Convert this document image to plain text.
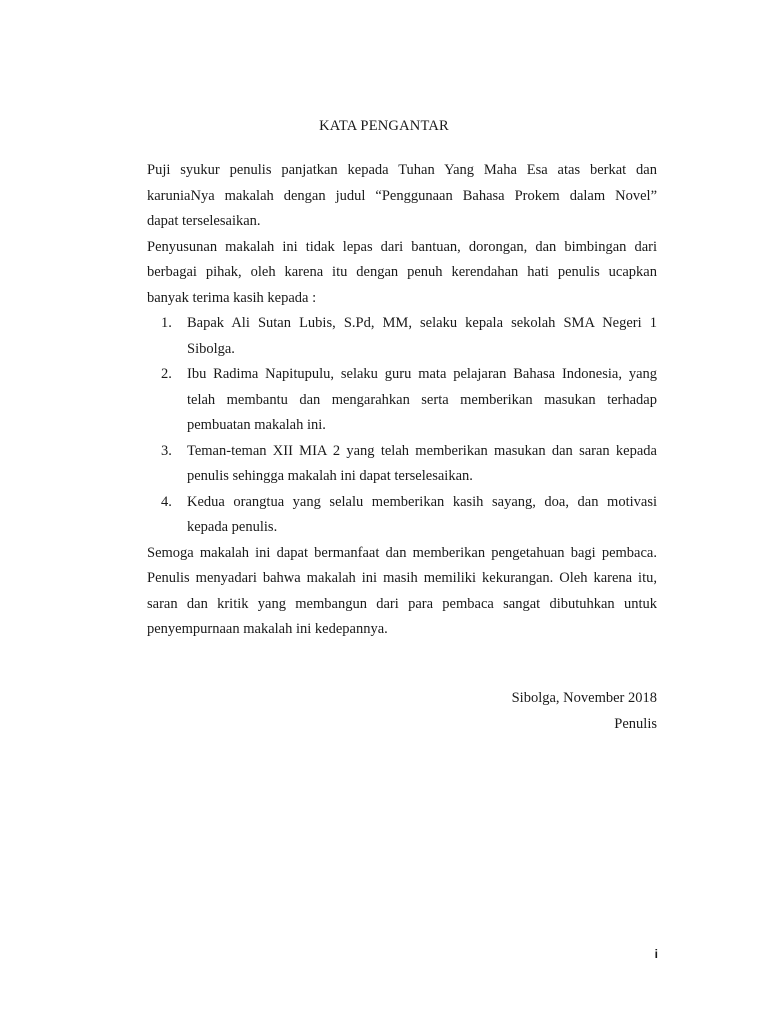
KATA PENGANTAR

Puji syukur penulis panjatkan kepada Tuhan Yang Maha Esa atas berkat dan
karuniaNya makalah dengan judul “Penggunaan Bahasa Prokem dalam Novel”
dapat terselesaikan.

Penyusunan makalah ini tidak lepas dari bantuan, dorongan, dan bimbingan dari
berbagai pihak, oleh karena itu dengan penuh kerendahan hati penulis ucapkan
banyak terima kasih kepada :

1.	Bapak Ali Sutan Lubis, S.Pd, MM, selaku kepala sekolah SMA Negeri 1
Sibolga.
2.	Ibu Radima Napitupulu, selaku guru mata pelajaran Bahasa Indonesia, yang
telah membantu dan mengarahkan serta memberikan masukan terhadap
pembuatan makalah ini.
3.	Teman-teman XII MIA 2 yang telah memberikan masukan dan saran kepada
penulis sehingga makalah ini dapat terselesaikan.
4.	Kedua orangtua yang selalu memberikan kasih sayang, doa, dan motivasi
kepada penulis.

Semoga makalah ini dapat bermanfaat dan memberikan pengetahuan bagi pembaca.
Penulis menyadari bahwa makalah ini masih memiliki kekurangan. Oleh karena itu,
saran dan kritik yang membangun dari para pembaca sangat dibutuhkan untuk
penyempurnaan makalah ini kedepannya.

Sibolga, November 2018
Penulis
i
